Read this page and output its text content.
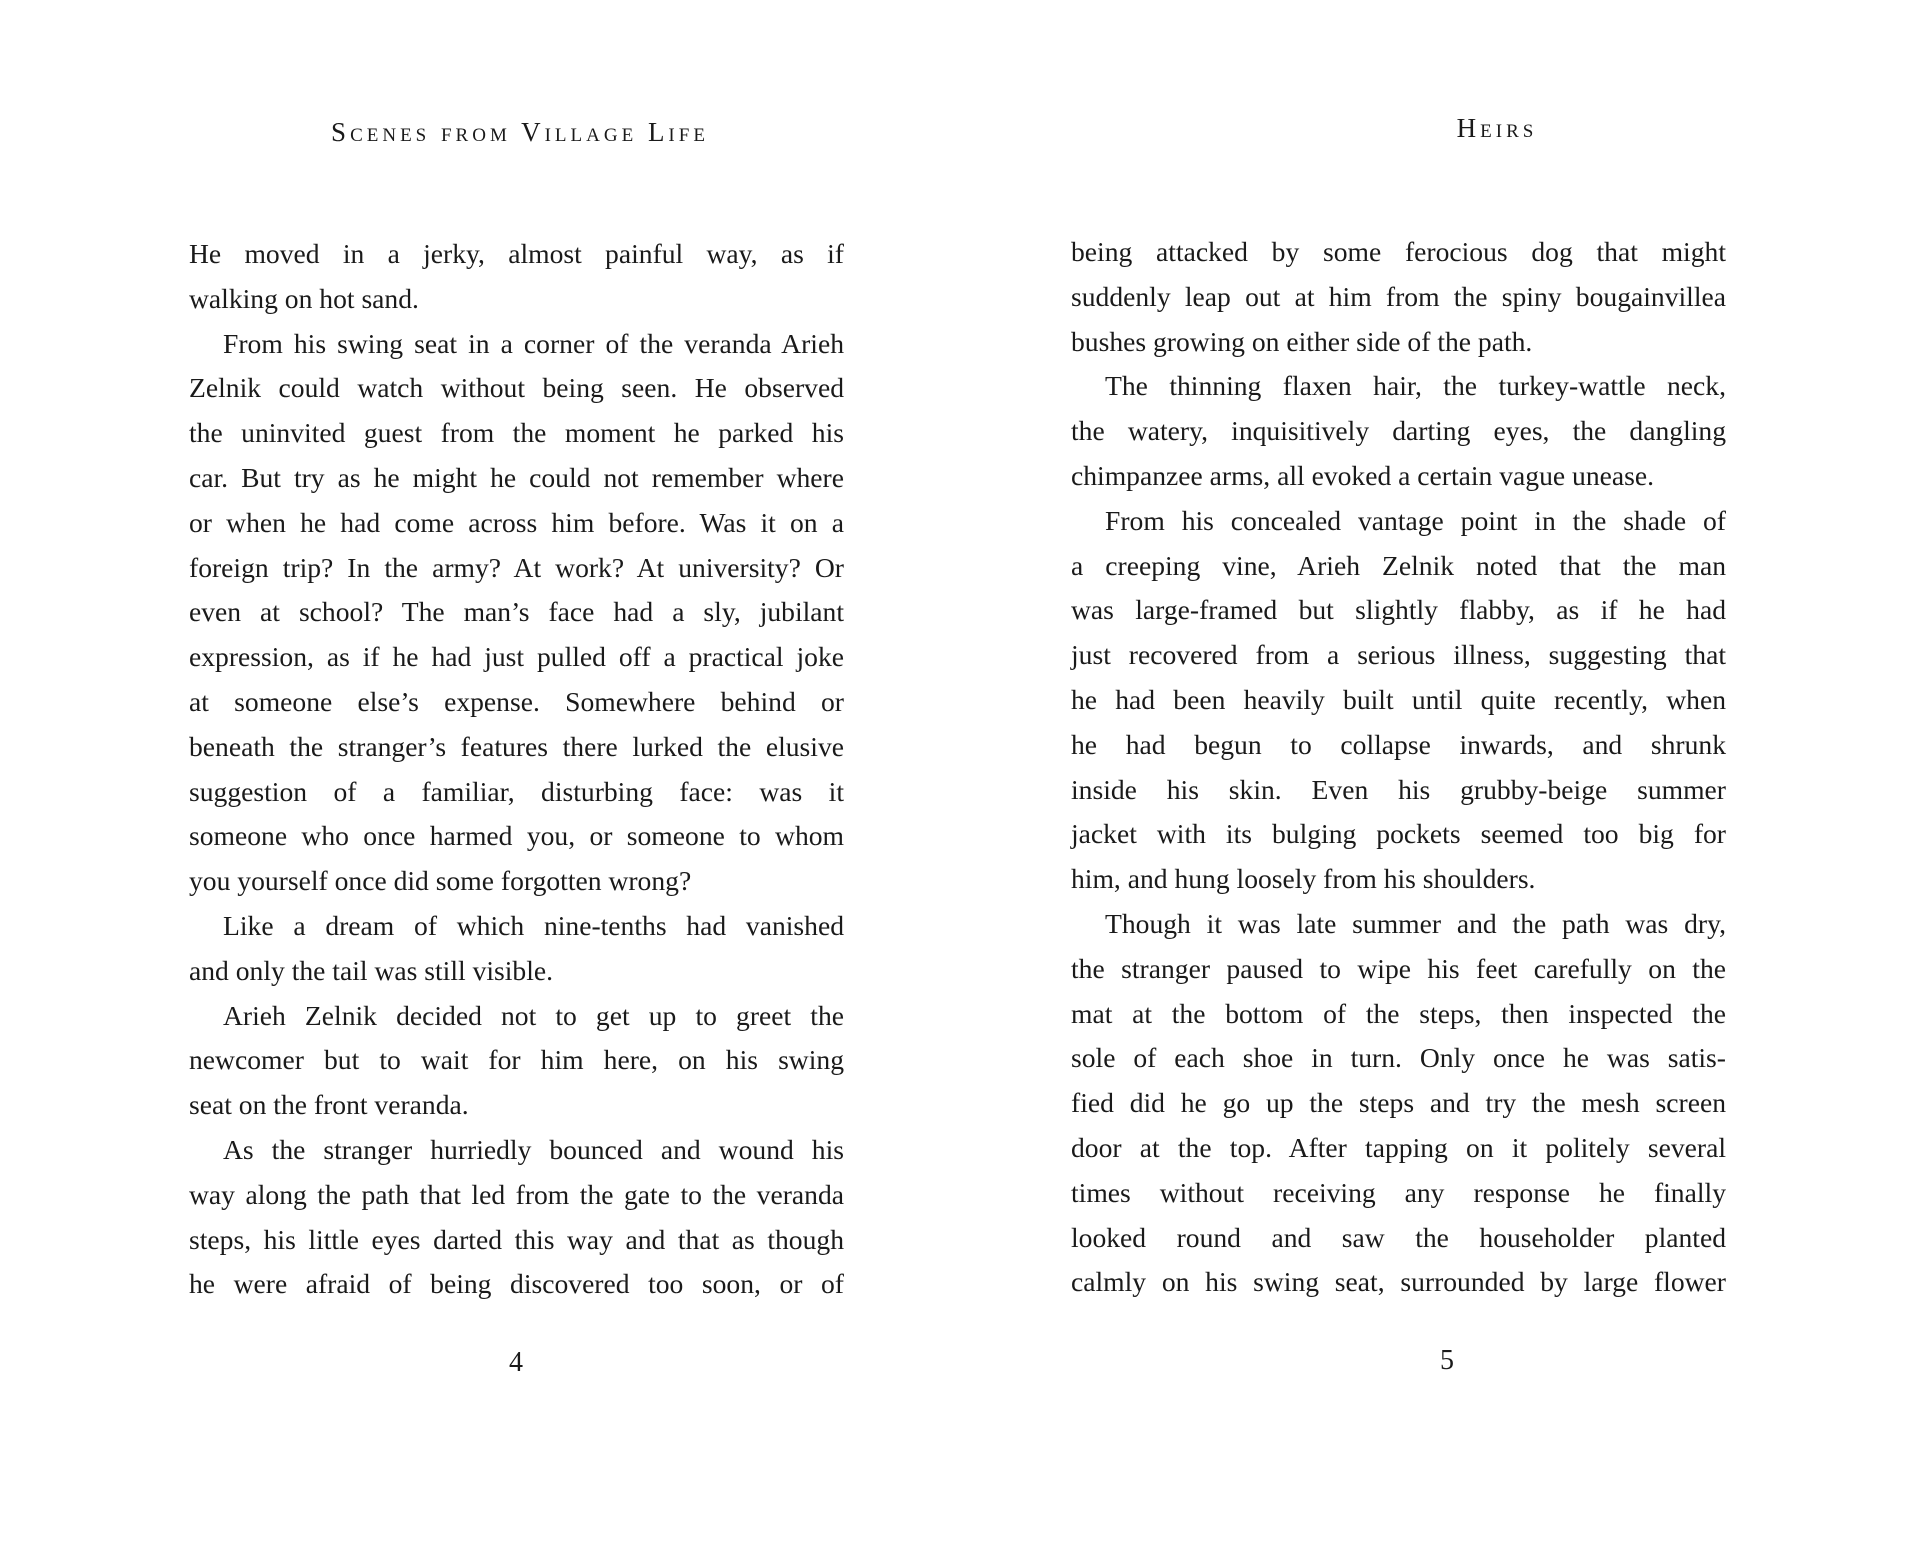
Scenes from Village Life
He moved in a jerky, almost painful way, as if
walking on hot sand.
From his swing seat in a corner of the veranda Arieh
Zelnik could watch without being seen. He observed
the uninvited guest from the moment he parked his
car. But try as he might he could not remember where
or when he had come across him before. Was it on a
foreign trip? In the army? At work? At university? Or
even at school? The man’s face had a sly, jubilant
expression, as if he had just pulled off a practical joke
at someone else’s expense. Somewhere behind or
beneath the stranger’s features there lurked the elusive
suggestion of a familiar, disturbing face: was it
someone who once harmed you, or someone to whom
you yourself once did some forgotten wrong?
Like a dream of which nine-tenths had vanished
and only the tail was still visible.
Arieh Zelnik decided not to get up to greet the
newcomer but to wait for him here, on his swing
seat on the front veranda.
As the stranger hurriedly bounced and wound his
way along the path that led from the gate to the veranda
steps, his little eyes darted this way and that as though
he were afraid of being discovered too soon, or of
4
Heirs
being attacked by some ferocious dog that might
suddenly leap out at him from the spiny bougainvillea
bushes growing on either side of the path.
The thinning flaxen hair, the turkey-wattle neck,
the watery, inquisitively darting eyes, the dangling
chimpanzee arms, all evoked a certain vague unease.
From his concealed vantage point in the shade of
a creeping vine, Arieh Zelnik noted that the man
was large-framed but slightly flabby, as if he had
just recovered from a serious illness, suggesting that
he had been heavily built until quite recently, when
he had begun to collapse inwards, and shrunk
inside his skin. Even his grubby-beige summer
jacket with its bulging pockets seemed too big for
him, and hung loosely from his shoulders.
Though it was late summer and the path was dry,
the stranger paused to wipe his feet carefully on the
mat at the bottom of the steps, then inspected the
sole of each shoe in turn. Only once he was satis-
fied did he go up the steps and try the mesh screen
door at the top. After tapping on it politely several
times without receiving any response he finally
looked round and saw the householder planted
calmly on his swing seat, surrounded by large flower
5
